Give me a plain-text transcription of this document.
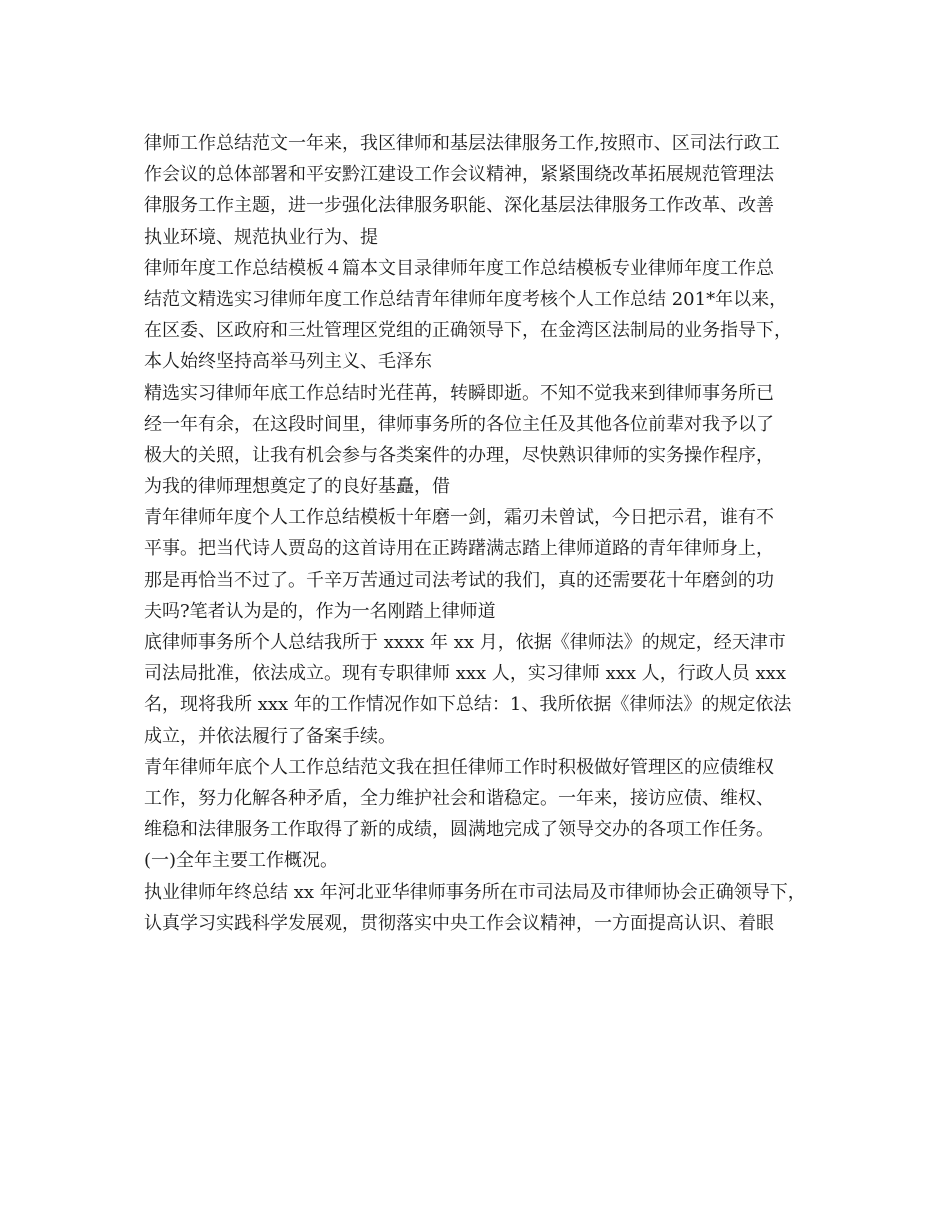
律师工作总结范文一年来，我区律师和基层法律服务工作,按照市、区司法行政工
作会议的总体部署和平安黔江建设工作会议精神，紧紧围绕改革拓展规范管理法
律服务工作主题，进一步强化法律服务职能、深化基层法律服务工作改革、改善
执业环境、规范执业行为、提
律师年度工作总结模板４篇本文目录律师年度工作总结模板专业律师年度工作总
结范文精选实习律师年度工作总结青年律师年度考核个人工作总结 201*年以来，
在区委、区政府和三灶管理区党组的正确领导下，在金湾区法制局的业务指导下，
本人始终坚持高举马列主义、毛泽东
精选实习律师年底工作总结时光荏苒，转瞬即逝。不知不觉我来到律师事务所已
经一年有余，在这段时间里，律师事务所的各位主任及其他各位前辈对我予以了
极大的关照，让我有机会参与各类案件的办理，尽快熟识律师的实务操作程序，
为我的律师理想奠定了的良好基矗，借
青年律师年度个人工作总结模板十年磨一剑，霜刃未曾试，今日把示君，谁有不
平事。把当代诗人贾岛的这首诗用在正踌躇满志踏上律师道路的青年律师身上，
那是再恰当不过了。千辛万苦通过司法考试的我们，真的还需要花十年磨剑的功
夫吗?笔者认为是的，作为一名刚踏上律师道
底律师事务所个人总结我所于 xxxx 年 xx 月，依据《律师法》的规定，经天津市
司法局批准，依法成立。现有专职律师 xxx 人，实习律师 xxx 人，行政人员 xxx
名，现将我所 xxx 年的工作情况作如下总结：1、我所依据《律师法》的规定依法
成立，并依法履行了备案手续。
青年律师年底个人工作总结范文我在担任律师工作时积极做好管理区的应债维权
工作，努力化解各种矛盾，全力维护社会和谐稳定。一年来，接访应债、维权、
维稳和法律服务工作取得了新的成绩，圆满地完成了领导交办的各项工作任务。
(一)全年主要工作概况。
执业律师年终总结 xx 年河北亚华律师事务所在市司法局及市律师协会正确领导下，
认真学习实践科学发展观，贯彻落实中央工作会议精神，一方面提高认识、着眼
